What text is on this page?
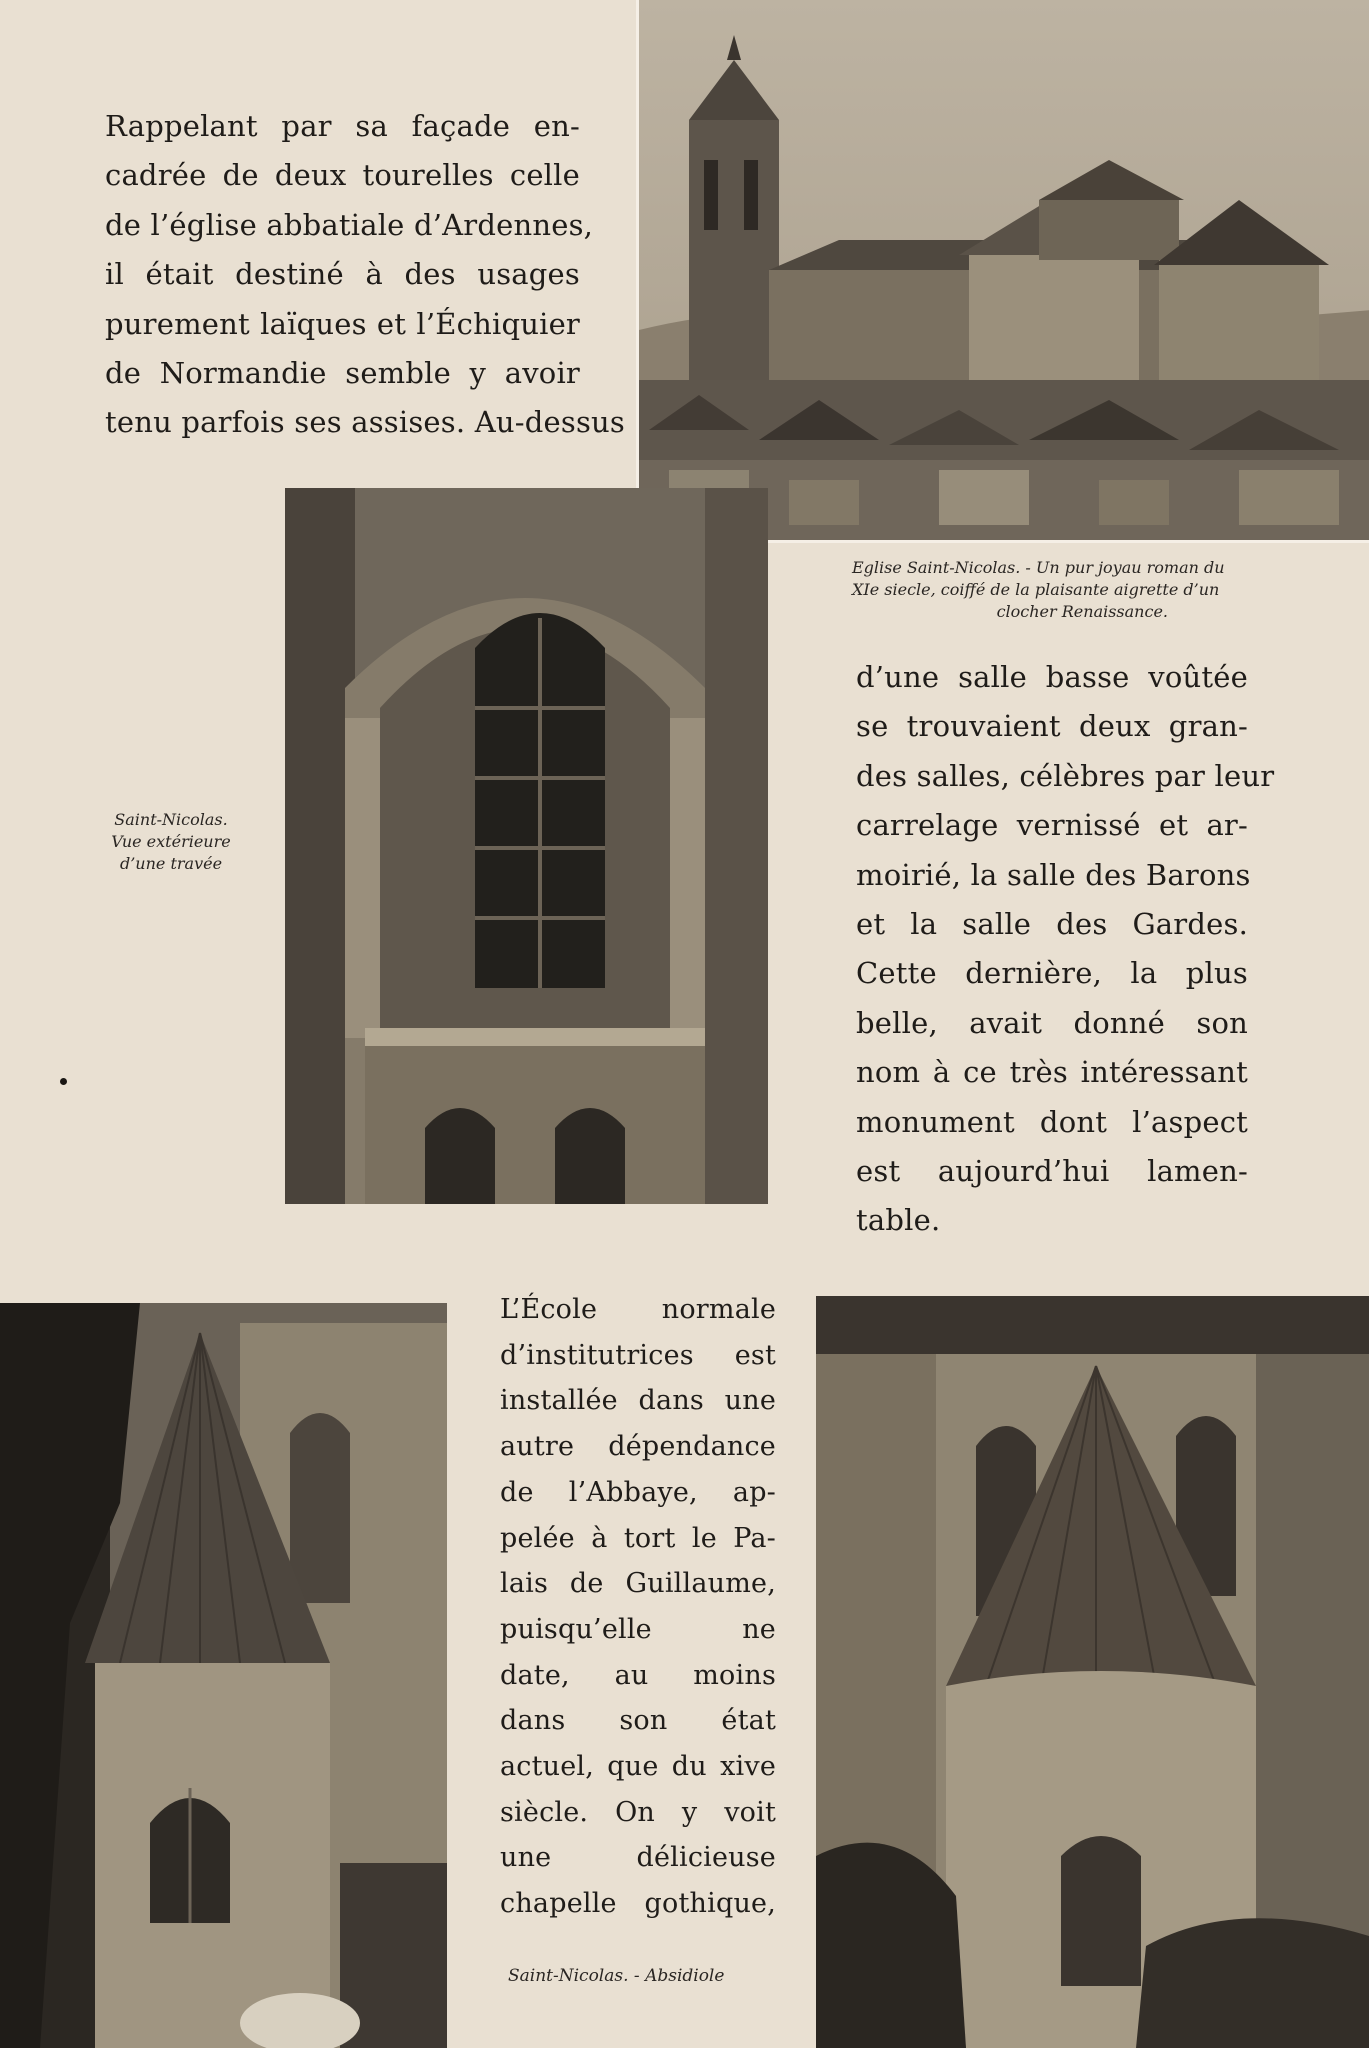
Rappelant par sa façade en-
cadrée de deux tourelles celle
de l’église abbatiale d’Ardennes,
il était destiné à des usages
purement laïques et l’Échiquier
de Normandie semble y avoir
tenu parfois ses assises. Au-dessus
Eglise Saint-Nicolas. - Un pur joyau roman du
XIe siecle, coiffé de la plaisante aigrette d’un
clocher Renaissance.
Saint-Nicolas.
Vue extérieure
d’une travée
d’une salle basse voûtée
se trouvaient deux gran-
des salles, célèbres par leur
carrelage vernissé et ar-
moirié, la salle des Barons
et la salle des Gardes.
Cette dernière, la plus
belle, avait donné son
nom à ce très intéressant
monument dont l’aspect
est aujourd’hui lamen-
table.
L’École normale
d’institutrices est
installée dans une
autre dépendance
de l’Abbaye, ap-
pelée à tort le Pa-
lais de Guillaume,
puisqu’elle ne
date, au moins
dans son état
actuel, que du xive
siècle. On y voit
une délicieuse
chapelle gothique,
Saint-Nicolas. - Absidiole
